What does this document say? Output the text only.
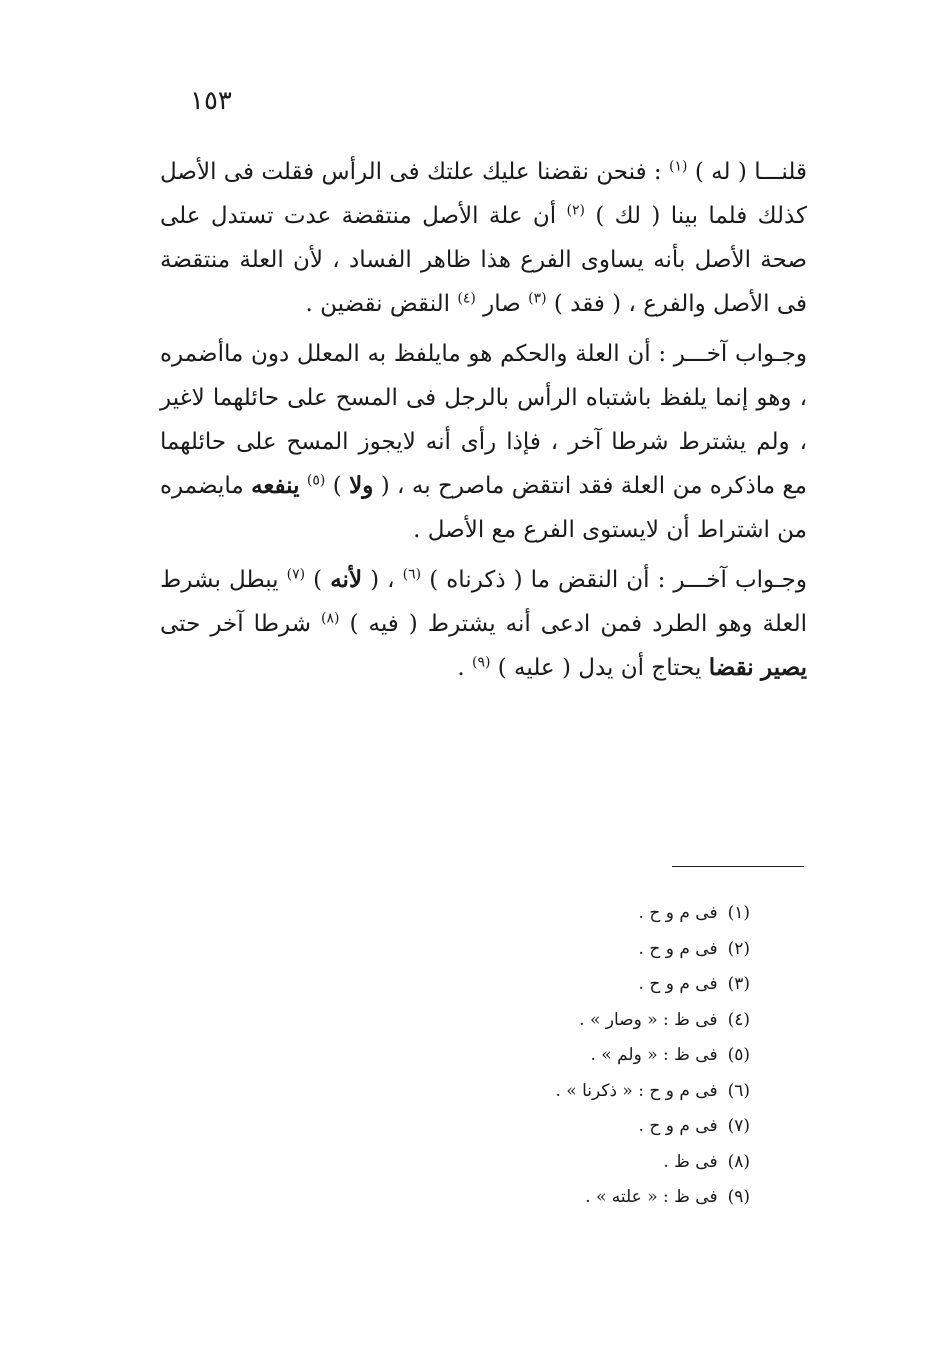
١٥٣

قلنـــا ( له ) $^{(١)}$ : فنحن نقضنا عليك علتك فى الرأس فقلت فى الأصل كذلك فلما بينا ( لك ) $^{(٢)}$ أن علة الأصل منتقضة عدت تستدل على صحة الأصل بأنه يساوى الفرع هذا ظاهر الفساد ، لأن العلة منتقضة فى الأصل والفرع ، ( فقد ) $^{(٣)}$ صار $^{(٤)}$ النقض نقضين .

وجـواب آخـــر : أن العلة والحكم هو مايلفظ به المعلل دون ماأضمره ، وهو إنما يلفظ باشتباه الرأس بالرجل فى المسح على حائلهما لاغير ، ولم يشترط شرطا آخر ، فإذا رأى أنه لايجوز المسح على حائلهما مع ماذكره من العلة فقد انتقض ماصرح به ، ( ولا ) $^{(٥)}$ ينفعه مايضمره من اشتراط أن لايستوى الفرع مع الأصل .

وجـواب آخـــر : أن النقض ما ( ذكرناه ) $^{(٦)}$ ، ( لأنه ) $^{(٧)}$ يبطل بشرط العلة وهو الطرد فمن ادعى أنه يشترط ( فيه ) $^{(٨)}$ شرطا آخر حتى يصير نقضا يحتاج أن يدل ( عليه ) $^{(٩)}$ .

(١)فى م و ح .
(٢)فى م و ح .
(٣)فى م و ح .
(٤)فى ظ : « وصار » .
(٥)فى ظ : « ولم » .
(٦)فى م و ح : « ذكرنا » .
(٧)فى م و ح .
(٨)فى ظ .
(٩)فى ظ : « علته » .
